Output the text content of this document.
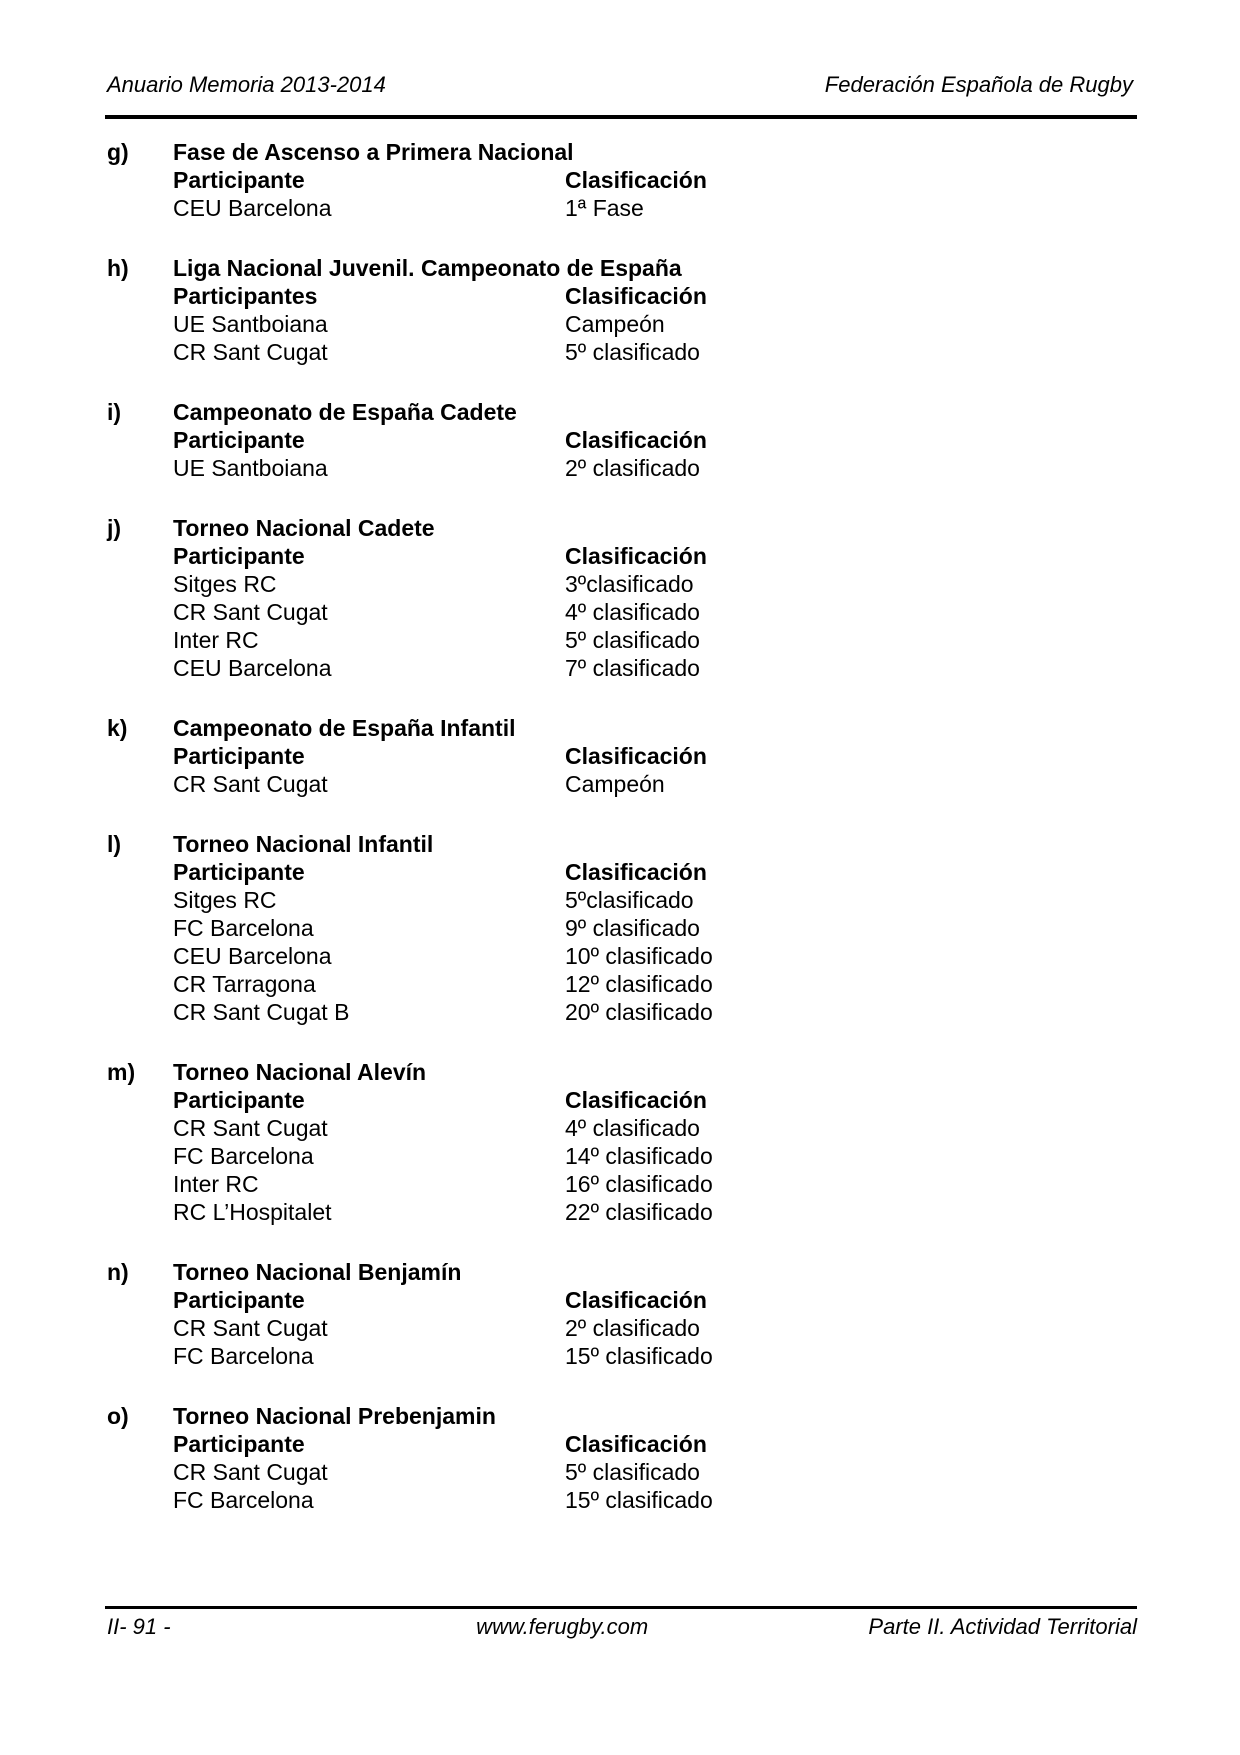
Anuario Memoria 2013-2014	Federación Española de Rugby
g)	Fase de Ascenso a Primera Nacional
Participante	Clasificación
CEU Barcelona	1ª Fase
h)	Liga Nacional Juvenil. Campeonato de España
Participantes	Clasificación
UE Santboiana	Campeón
CR Sant Cugat	5º clasificado
i)	Campeonato de España Cadete
Participante	Clasificación
UE Santboiana	2º clasificado
j)	Torneo Nacional Cadete
Participante	Clasificación
Sitges RC	3ºclasificado
CR Sant Cugat	4º clasificado
Inter RC	5º clasificado
CEU Barcelona	7º clasificado
k)	Campeonato de España Infantil
Participante	Clasificación
CR Sant Cugat	Campeón
l)	Torneo Nacional Infantil
Participante	Clasificación
Sitges RC	5ºclasificado
FC Barcelona	9º clasificado
CEU Barcelona	10º clasificado
CR Tarragona	12º clasificado
CR Sant Cugat B	20º clasificado
m)	Torneo Nacional Alevín
Participante	Clasificación
CR Sant Cugat	4º clasificado
FC Barcelona	14º clasificado
Inter RC	16º clasificado
RC L’Hospitalet	22º clasificado
n)	Torneo Nacional Benjamín
Participante	Clasificación
CR Sant Cugat	2º clasificado
FC Barcelona	15º clasificado
o)	Torneo Nacional Prebenjamin
Participante	Clasificación
CR Sant Cugat	5º clasificado
FC Barcelona	15º clasificado
II- 91 -	www.ferugby.com	Parte II. Actividad Territorial
